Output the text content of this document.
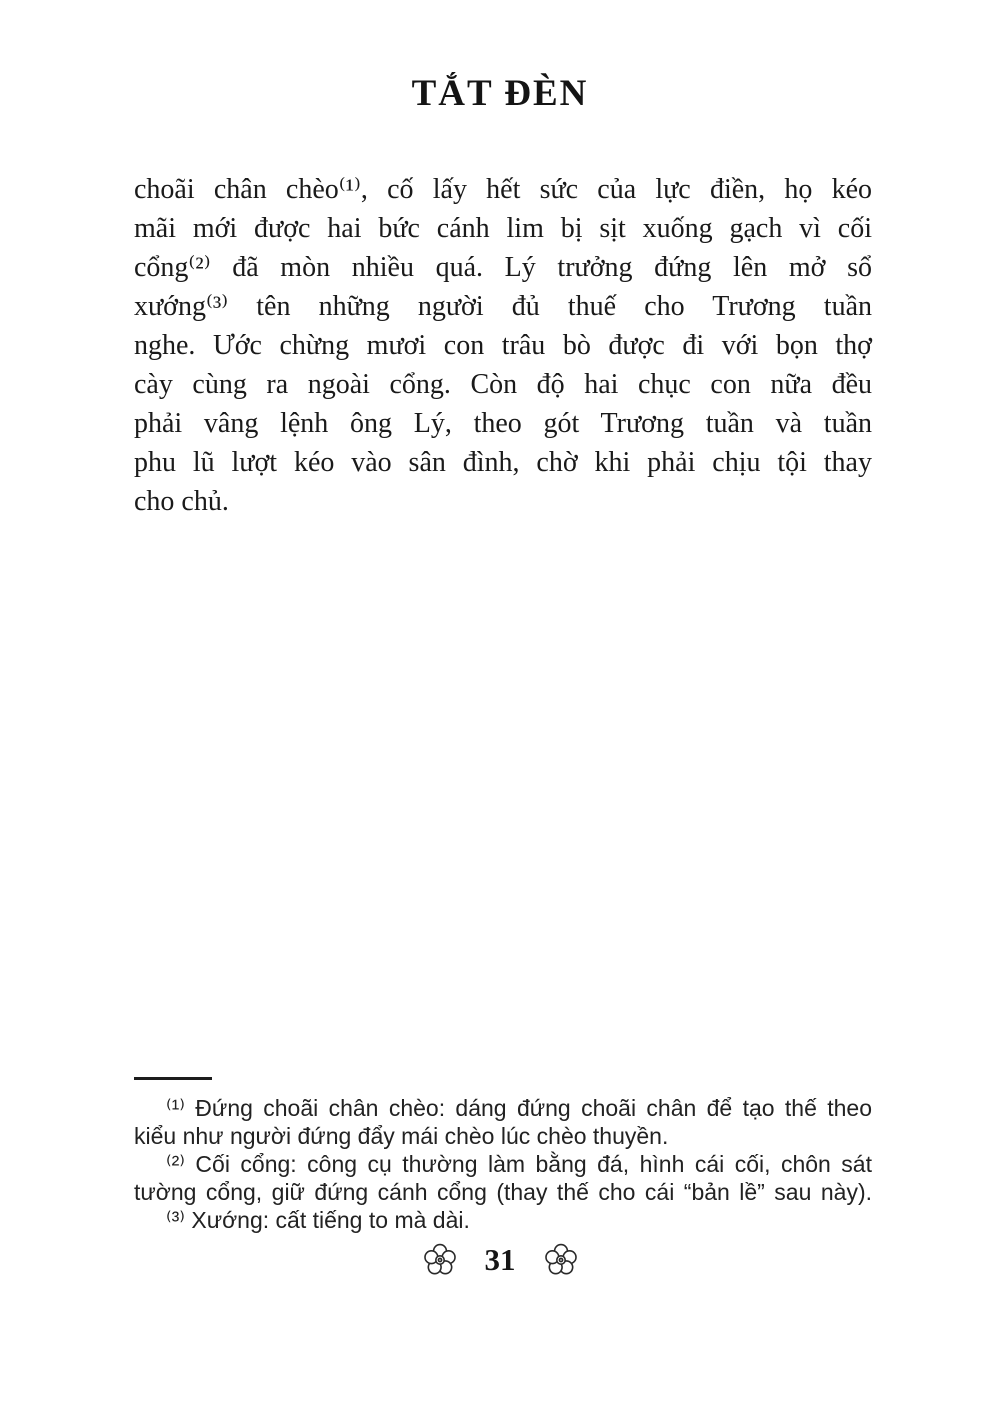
TẮT ĐÈN
choãi chân chèo⁽¹⁾, cố lấy hết sức của lực điền, họ kéo
mãi mới được hai bức cánh lim bị sịt xuống gạch vì cối
cổng⁽²⁾ đã mòn nhiều quá. Lý trưởng đứng lên mở sổ
xướng⁽³⁾ tên những người đủ thuế cho Trương tuần
nghe. Ước chừng mươi con trâu bò được đi với bọn thợ
cày cùng ra ngoài cổng. Còn độ hai chục con nữa đều
phải vâng lệnh ông Lý, theo gót Trương tuần và tuần
phu lũ lượt kéo vào sân đình, chờ khi phải chịu tội thay
cho chủ.
⁽¹⁾ Đứng choãi chân chèo: dáng đứng choãi chân để tạo thế theo
kiểu như người đứng đẩy mái chèo lúc chèo thuyền.
⁽²⁾ Cối cổng: công cụ thường làm bằng đá, hình cái cối, chôn sát
tường cổng, giữ đứng cánh cổng (thay thế cho cái “bản lề” sau này).
⁽³⁾ Xướng: cất tiếng to mà dài.
31
